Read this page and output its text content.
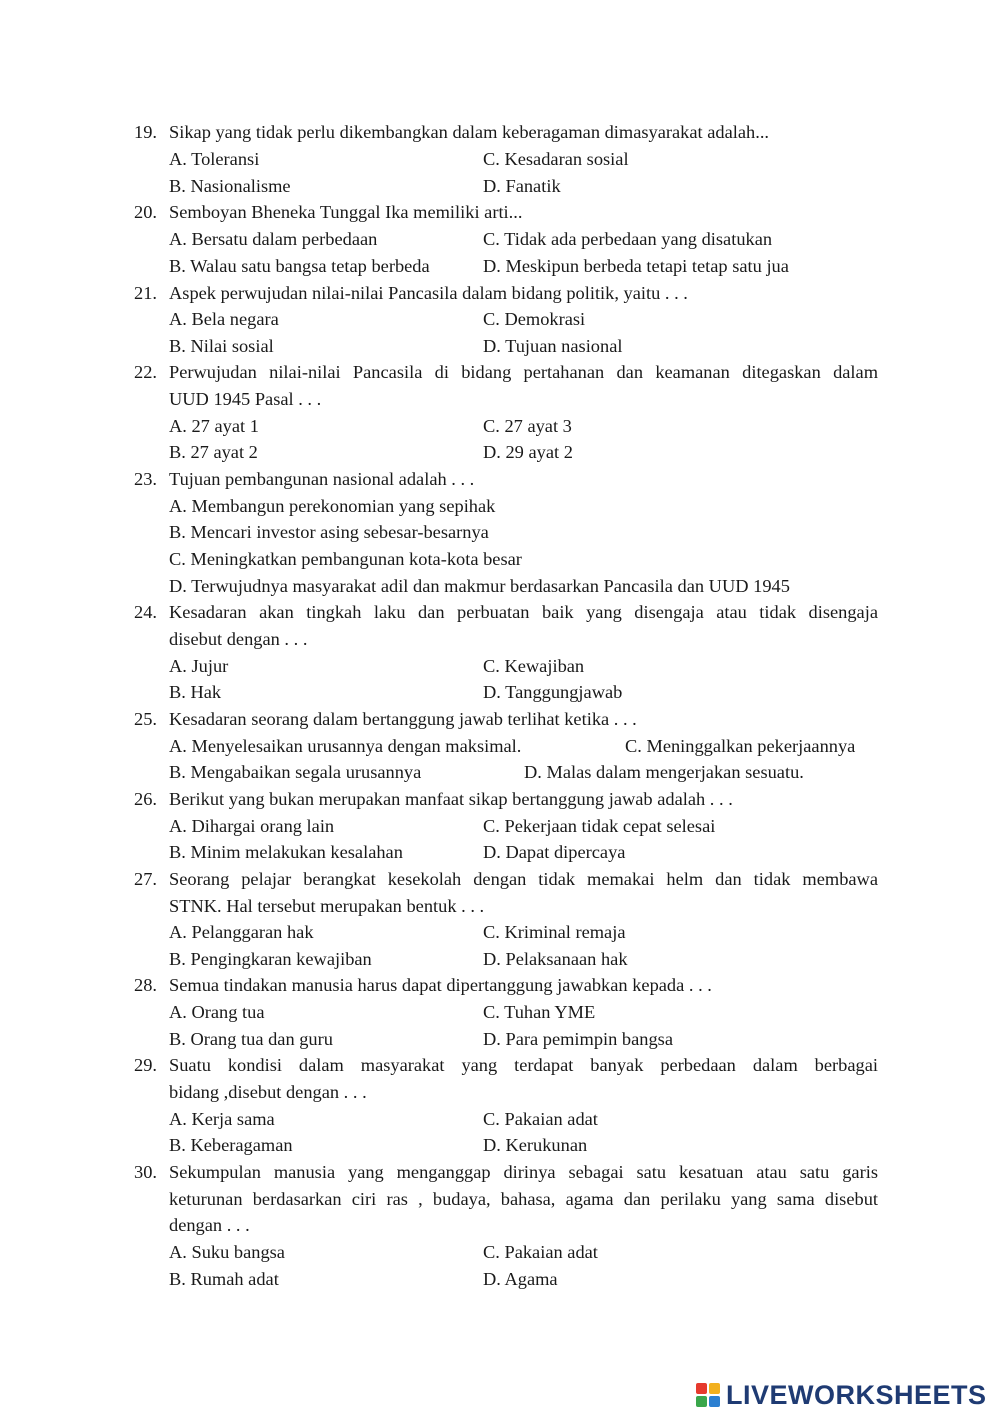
19. Sikap yang tidak perlu dikembangkan dalam keberagaman dimasyarakat adalah...
A. Toleransi	C. Kesadaran sosial
B. Nasionalisme	D. Fanatik
20. Semboyan Bheneka Tunggal Ika memiliki arti...
A. Bersatu dalam perbedaan	C. Tidak ada perbedaan yang disatukan
B. Walau satu bangsa tetap berbeda	D. Meskipun berbeda tetapi tetap satu jua
21. Aspek perwujudan nilai-nilai Pancasila dalam bidang politik, yaitu . . .
A. Bela negara	C. Demokrasi
B. Nilai sosial	D. Tujuan nasional
22. Perwujudan nilai-nilai Pancasila di bidang pertahanan dan keamanan ditegaskan dalam
UUD 1945 Pasal . . .
A. 27 ayat 1	C. 27 ayat 3
B. 27 ayat 2	D. 29 ayat 2
23. Tujuan pembangunan nasional adalah . . .
A. Membangun perekonomian yang sepihak
B. Mencari investor asing sebesar-besarnya
C. Meningkatkan pembangunan kota-kota besar
D. Terwujudnya masyarakat adil dan makmur berdasarkan Pancasila dan UUD 1945
24. Kesadaran akan tingkah laku dan perbuatan baik yang disengaja atau tidak disengaja
disebut dengan . . .
A. Jujur	C. Kewajiban
B. Hak	D. Tanggungjawab
25. Kesadaran seorang dalam bertanggung jawab terlihat ketika . . .
A. Menyelesaikan urusannya dengan maksimal.	C. Meninggalkan pekerjaannya
B. Mengabaikan segala urusannya	D. Malas dalam mengerjakan sesuatu.
26. Berikut yang bukan merupakan manfaat sikap bertanggung jawab adalah . . .
A. Dihargai orang lain	C. Pekerjaan tidak cepat selesai
B. Minim melakukan kesalahan	D. Dapat dipercaya
27. Seorang pelajar berangkat kesekolah dengan tidak memakai helm dan tidak membawa
STNK. Hal tersebut merupakan bentuk . . .
A. Pelanggaran hak	C. Kriminal remaja
B. Pengingkaran kewajiban	D. Pelaksanaan hak
28. Semua tindakan manusia harus dapat dipertanggung jawabkan kepada . . .
A. Orang tua	C. Tuhan YME
B. Orang tua dan guru	D. Para pemimpin bangsa
29. Suatu kondisi dalam masyarakat yang terdapat banyak perbedaan dalam berbagai
bidang ,disebut dengan . . .
A. Kerja sama	C. Pakaian adat
B. Keberagaman	D. Kerukunan
30. Sekumpulan manusia yang menganggap dirinya sebagai satu kesatuan atau satu garis
keturunan berdasarkan ciri ras , budaya, bahasa, agama dan perilaku yang sama disebut
dengan . . .
A. Suku bangsa	C. Pakaian adat
B. Rumah adat	D. Agama
LIVEWORKSHEETS
